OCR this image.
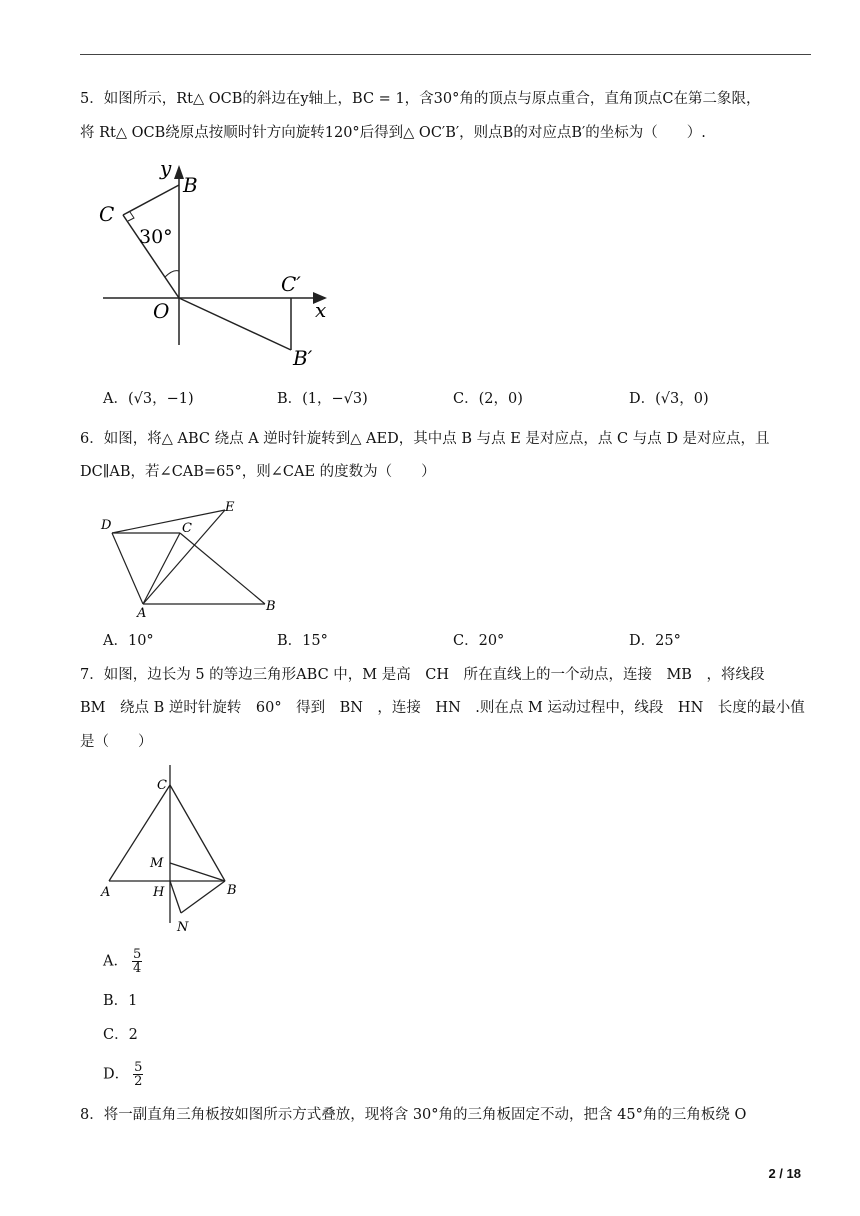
5．如图所示，Rt△ OCB的斜边在y轴上，BC = 1，含30°角的顶点与原点重合，直角顶点C在第二象限，
将 Rt△ OCB绕原点按顺时针方向旋转120°后得到△ OC′B′，则点B的对应点B′的坐标为（　　）.
y
B
C
30°
O
C′
x
B′
A．(√3，−1)	B．(1，−√3)	C．(2，0)	D．(√3，0)
6．如图，将△ ABC 绕点 A 逆时针旋转到△ AED，其中点 B 与点 E 是对应点，点 C 与点 D 是对应点，且
DC∥AB，若∠CAB=65°，则∠CAE 的度数为（　　）
D
E
C
A	B
A．10°	B．15°	C．20°	D．25°
7．如图，边长为 5 的等边三角形ABC 中，M 是高　CH　所在直线上的一个动点，连接　MB　，将线段
BM　绕点 B 逆时针旋转　60°　得到　BN　，连接　HN　.则在点 M 运动过程中，线段　HN　长度的最小值
是（　　）
C
M
A	H	B
N
A． $\frac{5}{4}$
B．1
C．2
D． $\frac{5}{2}$
8．将一副直角三角板按如图所示方式叠放，现将含 30°角的三角板固定不动，把含 45°角的三角板绕 O
2 / 18
